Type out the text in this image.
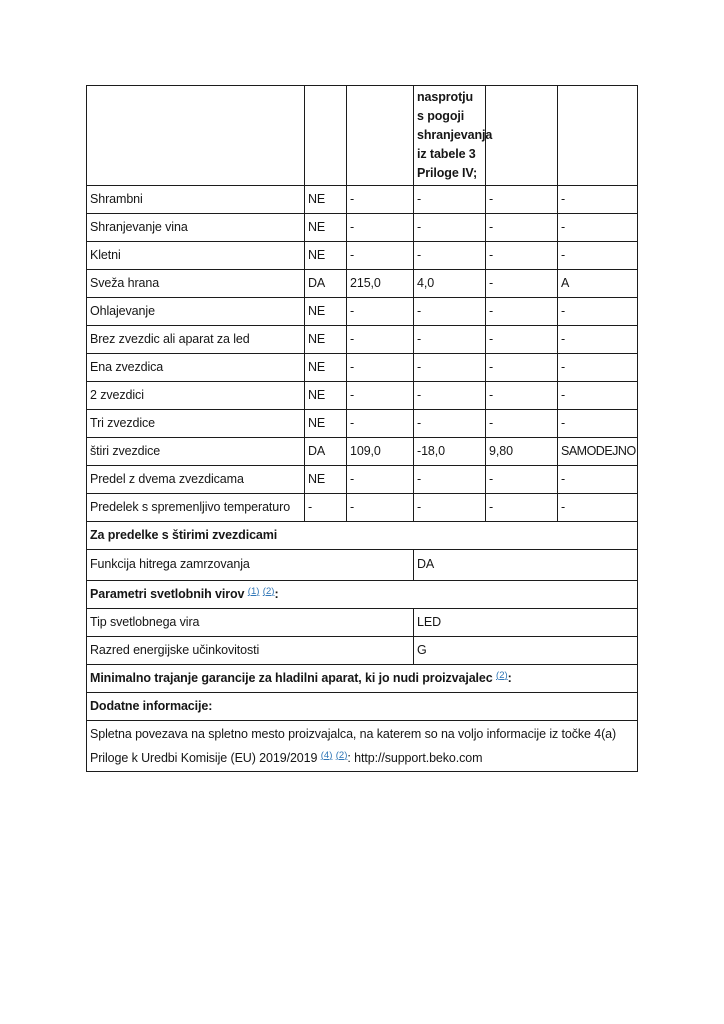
			nasprotju s pogoji shranjevanja iz tabele 3 Priloge IV;		
Shrambni	NE	-	-	-	-
Shranjevanje vina	NE	-	-	-	-
Kletni	NE	-	-	-	-
Sveža hrana	DA	215,0	4,0	-	A
Ohlajevanje	NE	-	-	-	-
Brez zvezdic ali aparat za led	NE	-	-	-	-
Ena zvezdica	NE	-	-	-	-
2 zvezdici	NE	-	-	-	-
Tri zvezdice	NE	-	-	-	-
štiri zvezdice	DA	109,0	-18,0	9,80	SAMODEJNO
Predel z dvema zvezdicama	NE	-	-	-	-
Predelek s spremenljivo temperaturo	-	-	-	-	-
Za predelke s štirimi zvezdicami					
Funkcija hitrega zamrzovanja			DA		
Parametri svetlobnih virov $^{(1)}$ $^{(2)}$:					
Tip svetlobnega vira			LED		
Razred energijske učinkovitosti			G		
Minimalno trajanje garancije za hladilni aparat, ki jo nudi proizvajalec $^{(2)}$:					
Dodatne informacije:					
Spletna povezava na spletno mesto proizvajalca, na katerem so na voljo informacije iz točke 4(a) Priloge k Uredbi Komisije (EU) 2019/2019 $^{(4)}$ $^{(2)}$: http://support.beko.com					
